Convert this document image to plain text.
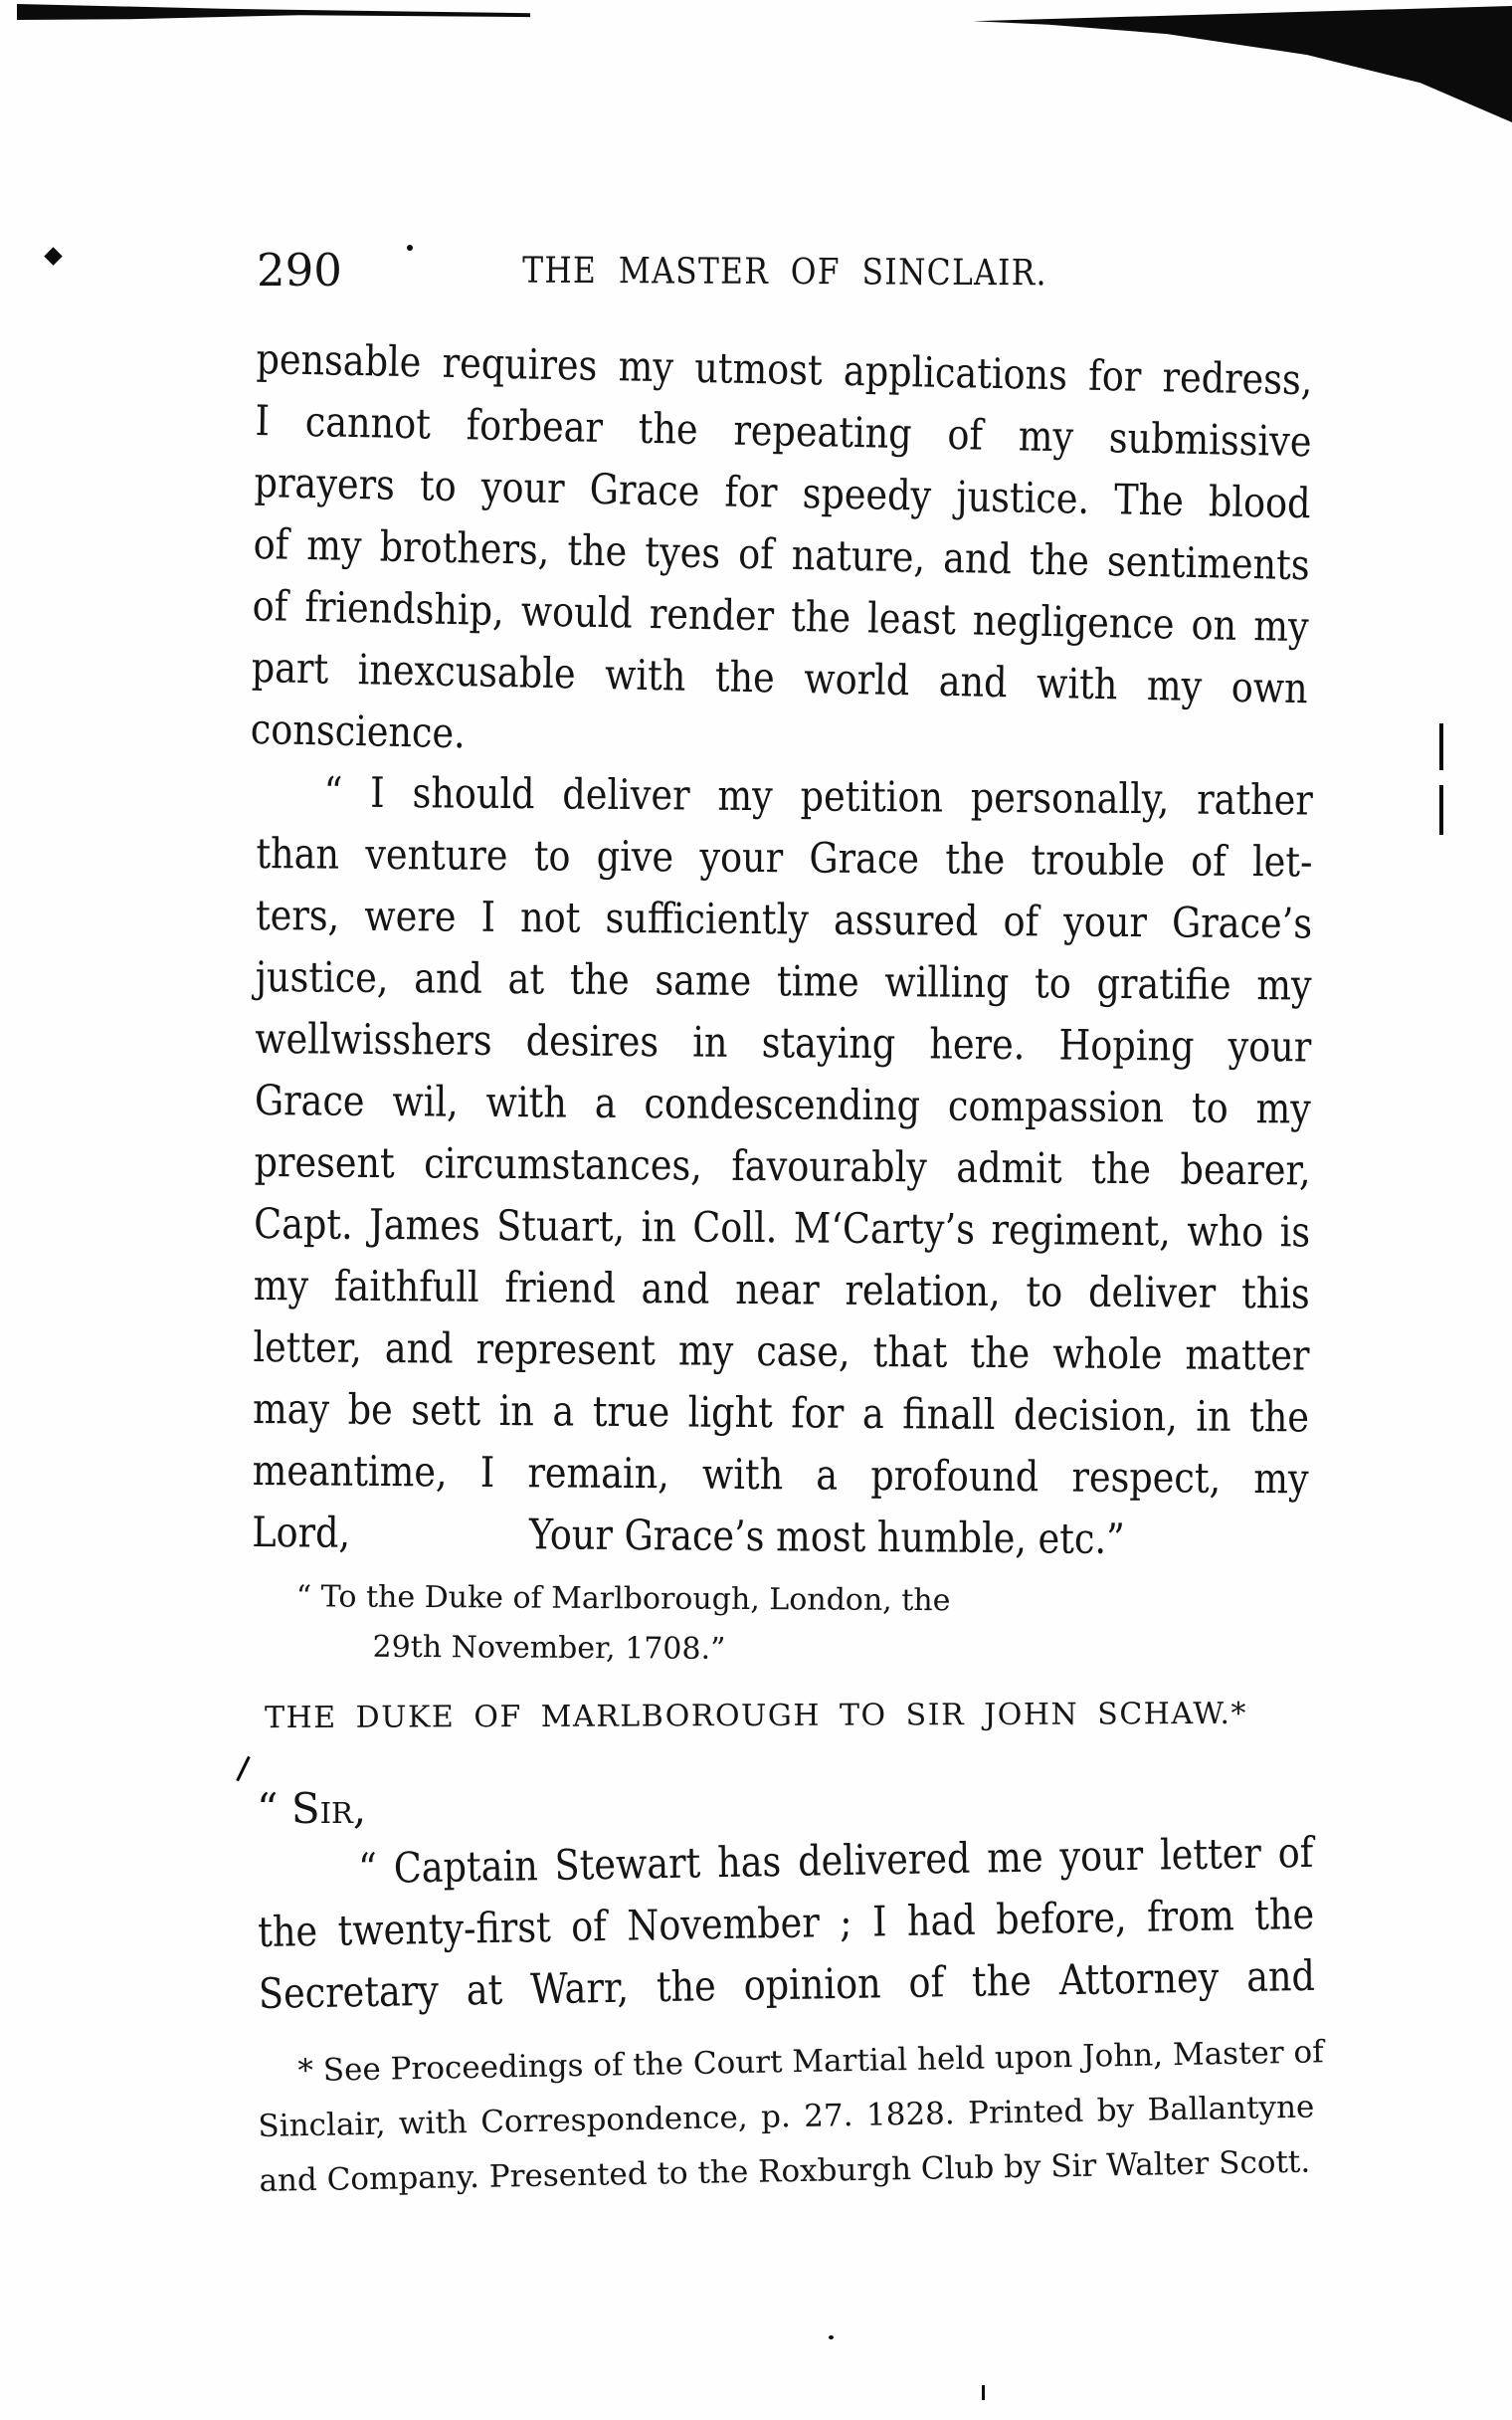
290	THE MASTER OF SINCLAIR.
pensable requires my utmost applications for redress,
I cannot forbear the repeating of my submissive
prayers to your Grace for speedy justice. The blood
of my brothers, the tyes of nature, and the sentiments
of friendship, would render the least negligence on my
part inexcusable with the world and with my own
conscience.
“ I should deliver my petition personally, rather
than venture to give your Grace the trouble of let-
ters, were I not sufficiently assured of your Grace’s
justice, and at the same time willing to gratifie my
wellwisshers desires in staying here. Hoping your
Grace wil, with a condescending compassion to my
present circumstances, favourably admit the bearer,
Capt. James Stuart, in Coll. M‘Carty’s regiment, who is
my faithfull friend and near relation, to deliver this
letter, and represent my case, that the whole matter
may be sett in a true light for a finall decision, in the
meantime, I remain, with a profound respect, my
Lord,	Your Grace’s most humble, etc.”
“ To the Duke of Marlborough, London, the
29th November, 1708.”
THE DUKE OF MARLBOROUGH TO SIR JOHN SCHAW.*
“ Sir,
“ Captain Stewart has delivered me your letter of
the twenty-first of November ; I had before, from the
Secretary at Warr, the opinion of the Attorney and
* See Proceedings of the Court Martial held upon John, Master of
Sinclair, with Correspondence, p. 27. 1828. Printed by Ballantyne
and Company. Presented to the Roxburgh Club by Sir Walter Scott.
